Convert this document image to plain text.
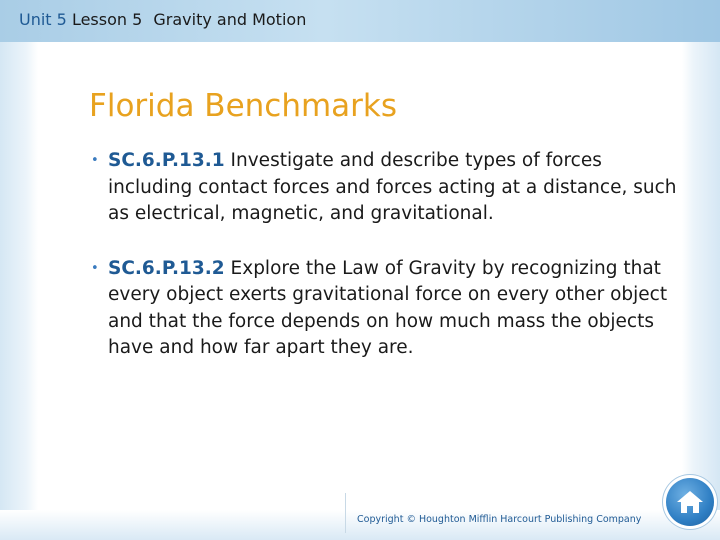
Unit 5 Lesson 5 Gravity and Motion
Florida Benchmarks
• SC.6.P.13.1 Investigate and describe types of forces including contact forces and forces acting at a distance, such as electrical, magnetic, and gravitational.
• SC.6.P.13.2 Explore the Law of Gravity by recognizing that every object exerts gravitational force on every other object and that the force depends on how much mass the objects have and how far apart they are.
Copyright © Houghton Mifflin Harcourt Publishing Company
